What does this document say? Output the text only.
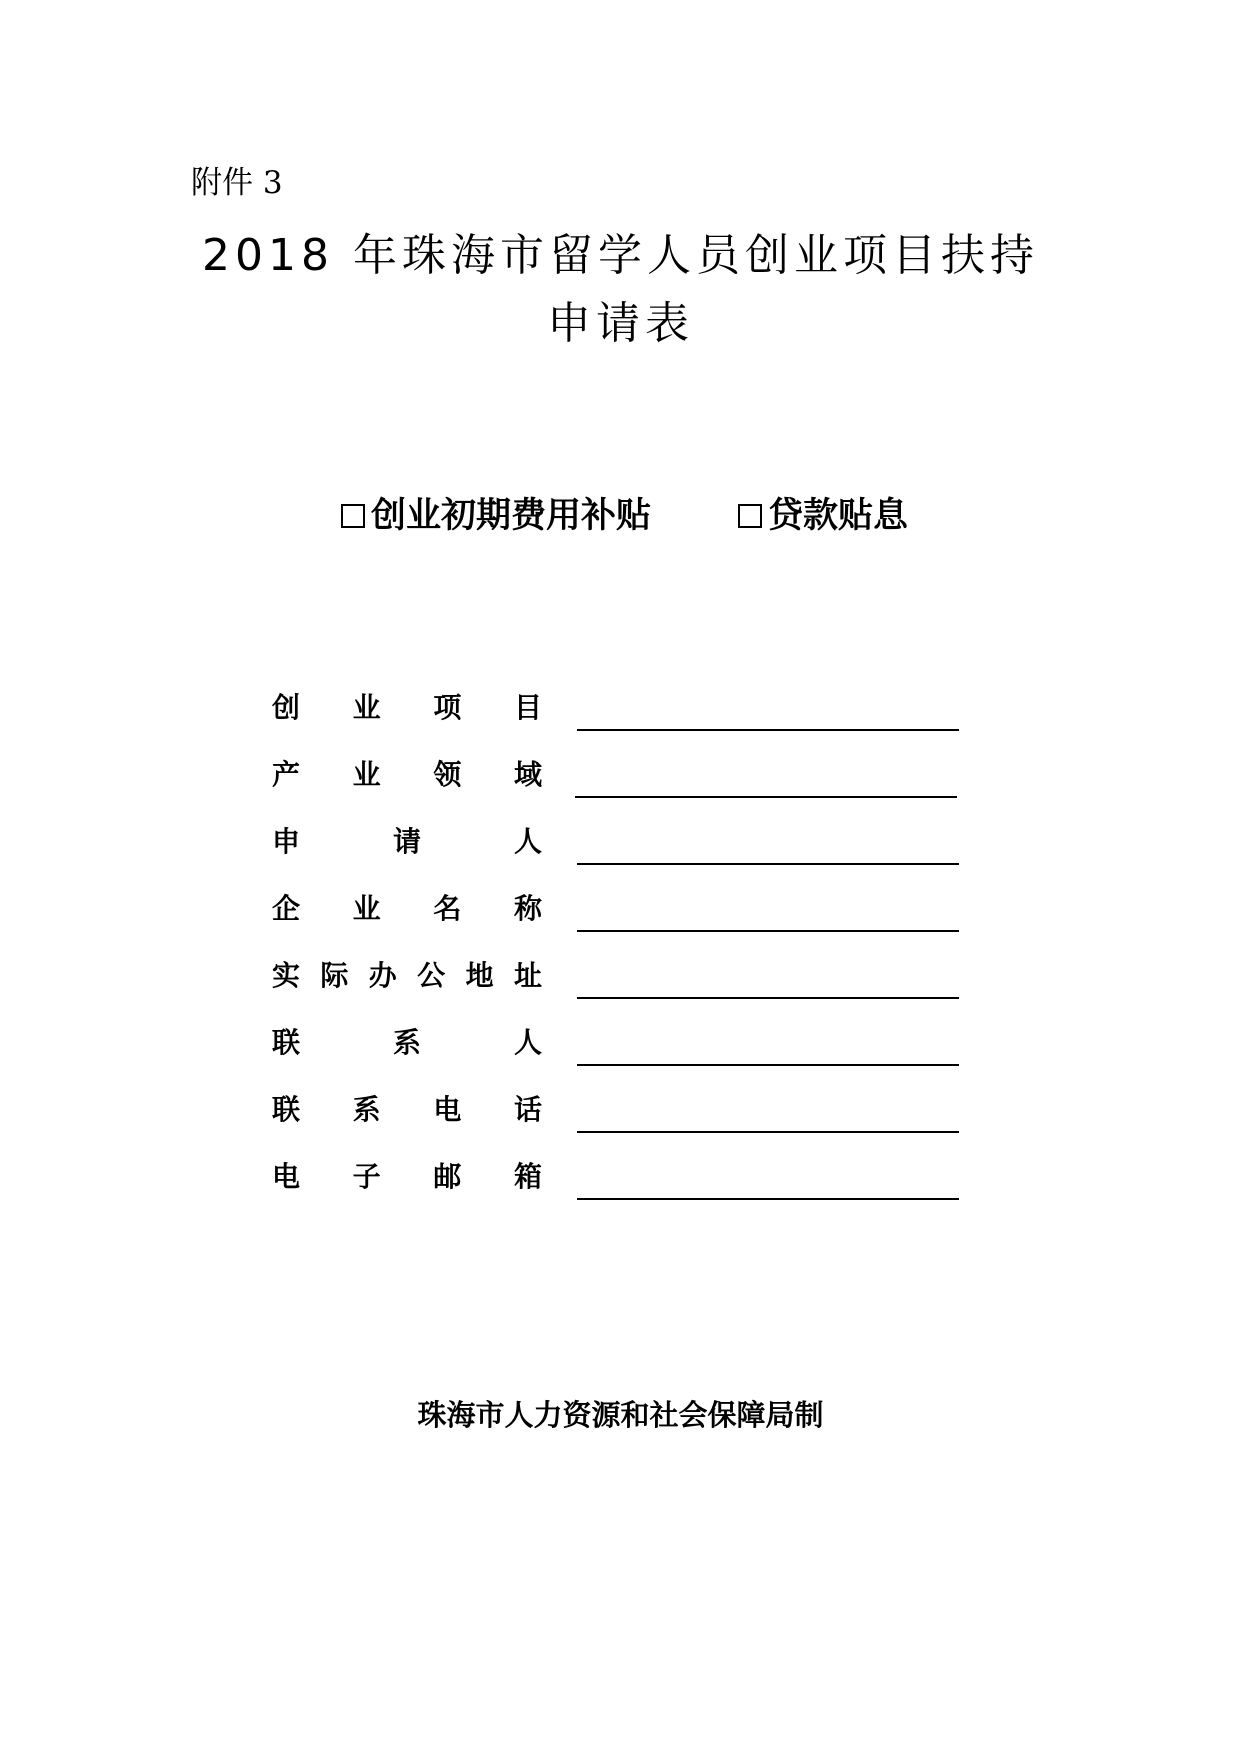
附件 3
2018 年珠海市留学人员创业项目扶持
申请表
创业初期费用补贴	贷款贴息
创 业 项 目
产 业 领 域
申	请	人
企 业 名 称
实 际 办 公 地 址
联	系	人
联 系 电 话
电 子 邮 箱
珠海市人力资源和社会保障局制
